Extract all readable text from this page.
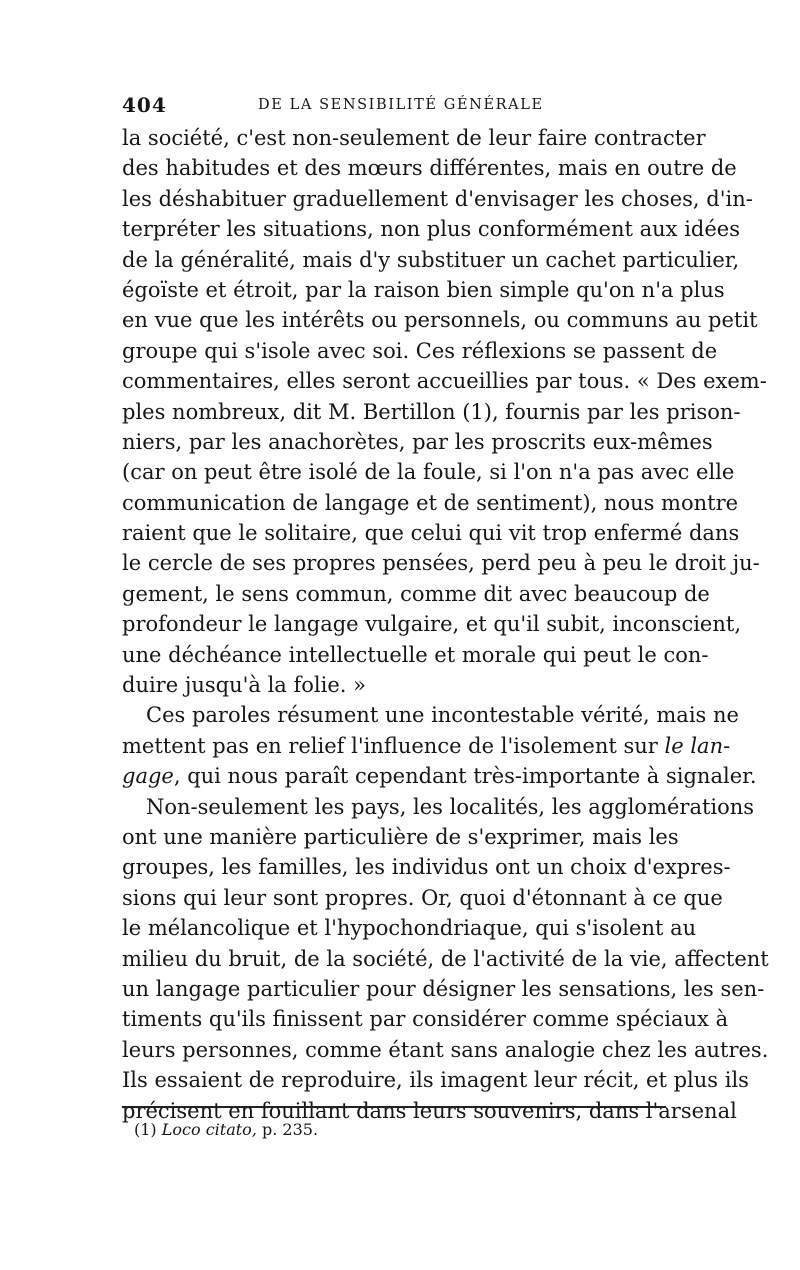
404	DE LA SENSIBILITÉ GÉNÉRALE
la société, c'est non-seulement de leur faire contracter
des habitudes et des mœurs différentes, mais en outre de
les déshabituer graduellement d'envisager les choses, d'in-
terpréter les situations, non plus conformément aux idées
de la généralité, mais d'y substituer un cachet particulier,
égoïste et étroit, par la raison bien simple qu'on n'a plus
en vue que les intérêts ou personnels, ou communs au petit
groupe qui s'isole avec soi. Ces réflexions se passent de
commentaires, elles seront accueillies par tous. « Des exem-
ples nombreux, dit M. Bertillon (1), fournis par les prison-
niers, par les anachorètes, par les proscrits eux-mêmes
(car on peut être isolé de la foule, si l'on n'a pas avec elle
communication de langage et de sentiment), nous montre
raient que le solitaire, que celui qui vit trop enfermé dans
le cercle de ses propres pensées, perd peu à peu le droit ju-
gement, le sens commun, comme dit avec beaucoup de
profondeur le langage vulgaire, et qu'il subit, inconscient,
une déchéance intellectuelle et morale qui peut le con-
duire jusqu'à la folie. »
Ces paroles résument une incontestable vérité, mais ne
mettent pas en relief l'influence de l'isolement sur le lan-
gage, qui nous paraît cependant très-importante à signaler.
Non-seulement les pays, les localités, les agglomérations
ont une manière particulière de s'exprimer, mais les
groupes, les familles, les individus ont un choix d'expres-
sions qui leur sont propres. Or, quoi d'étonnant à ce que
le mélancolique et l'hypochondriaque, qui s'isolent au
milieu du bruit, de la société, de l'activité de la vie, affectent
un langage particulier pour désigner les sensations, les sen-
timents qu'ils finissent par considérer comme spéciaux à
leurs personnes, comme étant sans analogie chez les autres.
Ils essaient de reproduire, ils imagent leur récit, et plus ils
précisent en fouillant dans leurs souvenirs, dans l'arsenal
(1) Loco citato, p. 235.
